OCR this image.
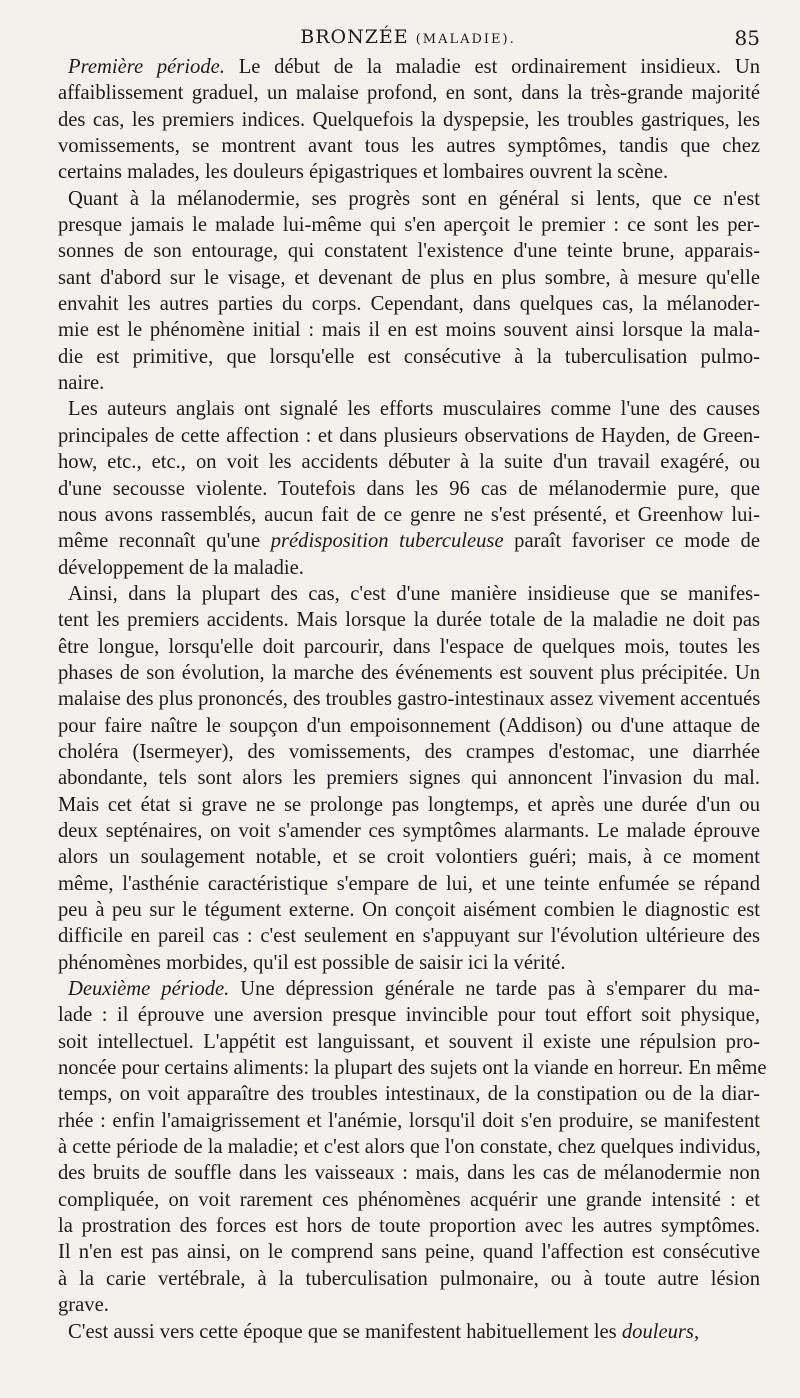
BRONZÉE (MALADIE).	85

Première période. Le début de la maladie est ordinairement insidieux. Un
affaiblissement graduel, un malaise profond, en sont, dans la très-grande majorité
des cas, les premiers indices. Quelquefois la dyspepsie, les troubles gastriques, les
vomissements, se montrent avant tous les autres symptômes, tandis que chez
certains malades, les douleurs épigastriques et lombaires ouvrent la scène.

Quant à la mélanodermie, ses progrès sont en général si lents, que ce n'est
presque jamais le malade lui-même qui s'en aperçoit le premier : ce sont les per-
sonnes de son entourage, qui constatent l'existence d'une teinte brune, apparais-
sant d'abord sur le visage, et devenant de plus en plus sombre, à mesure qu'elle
envahit les autres parties du corps. Cependant, dans quelques cas, la mélanoder-
mie est le phénomène initial : mais il en est moins souvent ainsi lorsque la mala-
die est primitive, que lorsqu'elle est consécutive à la tuberculisation pulmo-
naire.

Les auteurs anglais ont signalé les efforts musculaires comme l'une des causes
principales de cette affection : et dans plusieurs observations de Hayden, de Green-
how, etc., etc., on voit les accidents débuter à la suite d'un travail exagéré, ou
d'une secousse violente. Toutefois dans les 96 cas de mélanodermie pure, que
nous avons rassemblés, aucun fait de ce genre ne s'est présenté, et Greenhow lui-
même reconnaît qu'une prédisposition tuberculeuse paraît favoriser ce mode de
développement de la maladie.

Ainsi, dans la plupart des cas, c'est d'une manière insidieuse que se manifes-
tent les premiers accidents. Mais lorsque la durée totale de la maladie ne doit pas
être longue, lorsqu'elle doit parcourir, dans l'espace de quelques mois, toutes les
phases de son évolution, la marche des événements est souvent plus précipitée. Un
malaise des plus prononcés, des troubles gastro-intestinaux assez vivement accentués
pour faire naître le soupçon d'un empoisonnement (Addison) ou d'une attaque de
choléra (Isermeyer), des vomissements, des crampes d'estomac, une diarrhée
abondante, tels sont alors les premiers signes qui annoncent l'invasion du mal.
Mais cet état si grave ne se prolonge pas longtemps, et après une durée d'un ou
deux septénaires, on voit s'amender ces symptômes alarmants. Le malade éprouve
alors un soulagement notable, et se croit volontiers guéri; mais, à ce moment
même, l'asthénie caractéristique s'empare de lui, et une teinte enfumée se répand
peu à peu sur le tégument externe. On conçoit aisément combien le diagnostic est
difficile en pareil cas : c'est seulement en s'appuyant sur l'évolution ultérieure des
phénomènes morbides, qu'il est possible de saisir ici la vérité.

Deuxième période. Une dépression générale ne tarde pas à s'emparer du ma-
lade : il éprouve une aversion presque invincible pour tout effort soit physique,
soit intellectuel. L'appétit est languissant, et souvent il existe une répulsion pro-
noncée pour certains aliments: la plupart des sujets ont la viande en horreur. En même
temps, on voit apparaître des troubles intestinaux, de la constipation ou de la diar-
rhée : enfin l'amaigrissement et l'anémie, lorsqu'il doit s'en produire, se manifestent
à cette période de la maladie; et c'est alors que l'on constate, chez quelques individus,
des bruits de souffle dans les vaisseaux : mais, dans les cas de mélanodermie non
compliquée, on voit rarement ces phénomènes acquérir une grande intensité : et
la prostration des forces est hors de toute proportion avec les autres symptômes.
Il n'en est pas ainsi, on le comprend sans peine, quand l'affection est consécutive
à la carie vertébrale, à la tuberculisation pulmonaire, ou à toute autre lésion
grave.

C'est aussi vers cette époque que se manifestent habituellement les douleurs,
